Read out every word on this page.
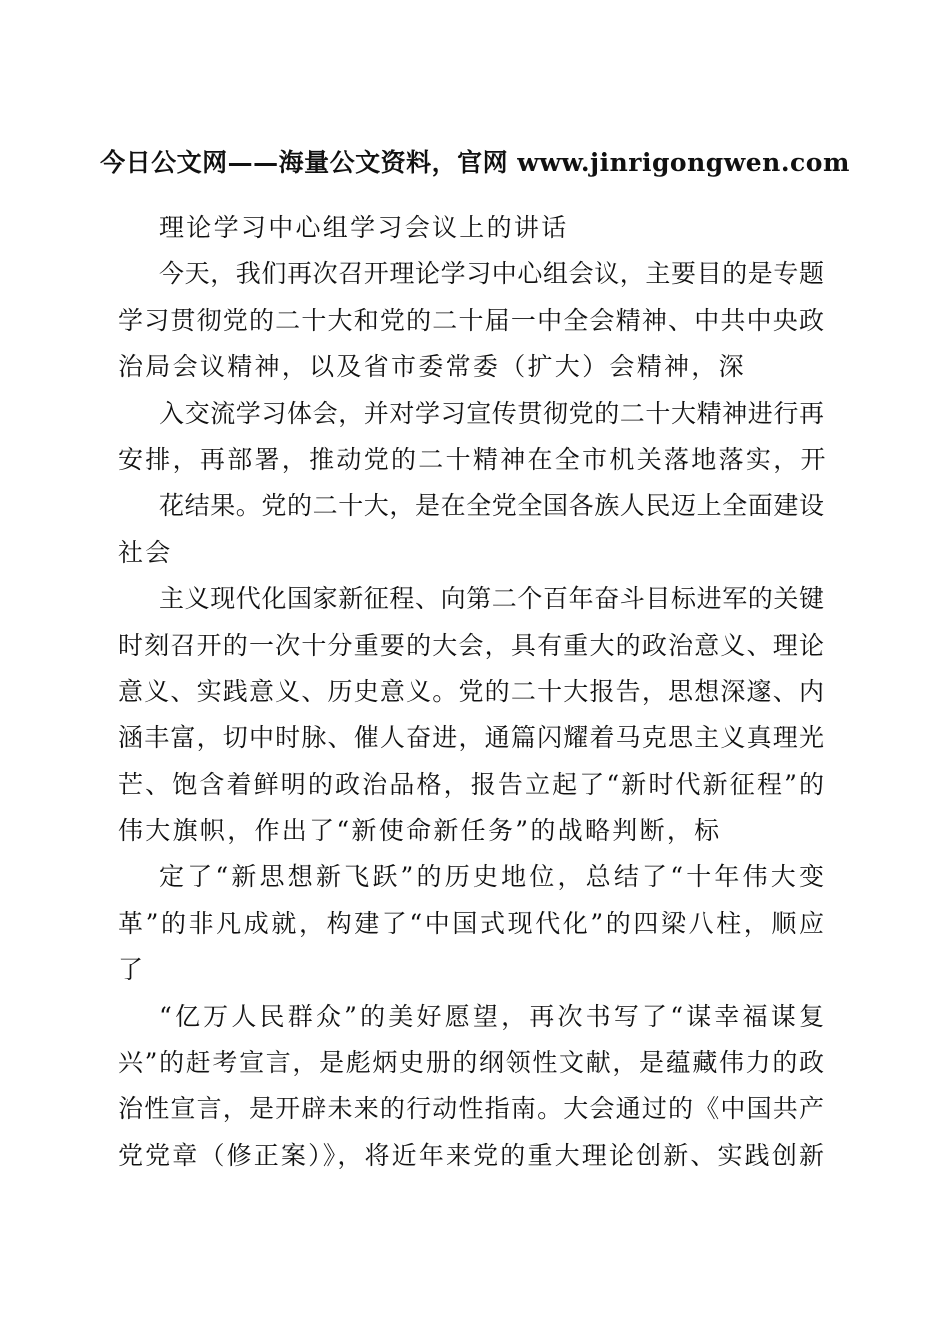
今日公文网——海量公文资料，官网 www.jinrigongwen.com
理论学习中心组学习会议上的讲话
今天，我们再次召开理论学习中心组会议，主要目的是专题
学习贯彻党的二十大和党的二十届一中全会精神、中共中央政
治局会议精神，以及省市委常委（扩大）会精神，深
入交流学习体会，并对学习宣传贯彻党的二十大精神进行再
安排，再部署，推动党的二十精神在全市机关落地落实，开
花结果。党的二十大，是在全党全国各族人民迈上全面建设
社会
主义现代化国家新征程、向第二个百年奋斗目标进军的关键
时刻召开的一次十分重要的大会，具有重大的政治意义、理论
意义、实践意义、历史意义。党的二十大报告，思想深邃、内
涵丰富，切中时脉、催人奋进，通篇闪耀着马克思主义真理光
芒、饱含着鲜明的政治品格，报告立起了“新时代新征程”的
伟大旗帜，作出了“新使命新任务”的战略判断，标
定了“新思想新飞跃”的历史地位，总结了“十年伟大变
革”的非凡成就，构建了“中国式现代化”的四梁八柱，顺应
了
“亿万人民群众”的美好愿望，再次书写了“谋幸福谋复
兴”的赶考宣言，是彪炳史册的纲领性文献，是蕴藏伟力的政
治性宣言，是开辟未来的行动性指南。大会通过的《中国共产
党党章（修正案）》，将近年来党的重大理论创新、实践创新
